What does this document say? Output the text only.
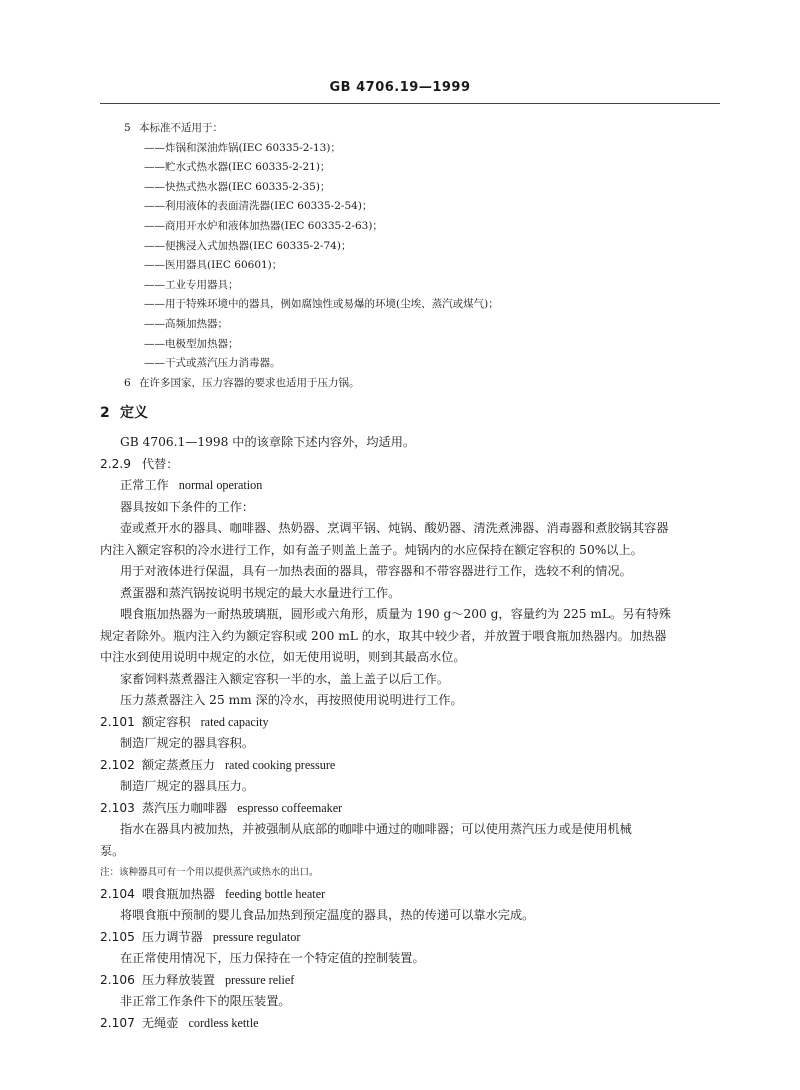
GB 4706.19—1999
5 本标准不适用于：
——炸锅和深油炸锅(IEC 60335-2-13)；
——贮水式热水器(IEC 60335-2-21)；
——快热式热水器(IEC 60335-2-35)；
——利用液体的表面清洗器(IEC 60335-2-54)；
——商用开水炉和液体加热器(IEC 60335-2-63)；
——便携浸入式加热器(IEC 60335-2-74)；
——医用器具(IEC 60601)；
——工业专用器具；
——用于特殊环境中的器具，例如腐蚀性或易爆的环境(尘埃、蒸汽或煤气)；
——高频加热器；
——电极型加热器；
——干式或蒸汽压力消毒器。
6 在许多国家，压力容器的要求也适用于压力锅。
2 定义
GB 4706.1—1998 中的该章除下述内容外，均适用。
2.2.9 代替：
正常工作 normal operation
器具按如下条件的工作：
壶或煮开水的器具、咖啡器、热奶器、烹调平锅、炖锅、酸奶器、清洗煮沸器、消毒器和煮胶锅其容器
内注入额定容积的冷水进行工作，如有盖子则盖上盖子。炖锅内的水应保持在额定容积的 50%以上。
用于对液体进行保温，具有一加热表面的器具，带容器和不带容器进行工作，选较不利的情况。
煮蛋器和蒸汽锅按说明书规定的最大水量进行工作。
喂食瓶加热器为一耐热玻璃瓶，圆形或六角形，质量为 190 g～200 g，容量约为 225 mL。另有特殊
规定者除外。瓶内注入约为额定容积或 200 mL 的水，取其中较少者，并放置于喂食瓶加热器内。加热器
中注水到使用说明中规定的水位，如无使用说明，则到其最高水位。
家畜饲料蒸煮器注入额定容积一半的水，盖上盖子以后工作。
压力蒸煮器注入 25 mm 深的冷水，再按照使用说明进行工作。
2.101 额定容积 rated capacity
制造厂规定的器具容积。
2.102 额定蒸煮压力 rated cooking pressure
制造厂规定的器具压力。
2.103 蒸汽压力咖啡器 espresso coffeemaker
指水在器具内被加热，并被强制从底部的咖啡中通过的咖啡器；可以使用蒸汽压力或是使用机械
泵。
注：该种器具可有一个用以提供蒸汽或热水的出口。
2.104 喂食瓶加热器 feeding bottle heater
将喂食瓶中预制的婴儿食品加热到预定温度的器具，热的传递可以靠水完成。
2.105 压力调节器 pressure regulator
在正常使用情况下，压力保持在一个特定值的控制装置。
2.106 压力释放装置 pressure relief
非正常工作条件下的限压装置。
2.107 无绳壶 cordless kettle
